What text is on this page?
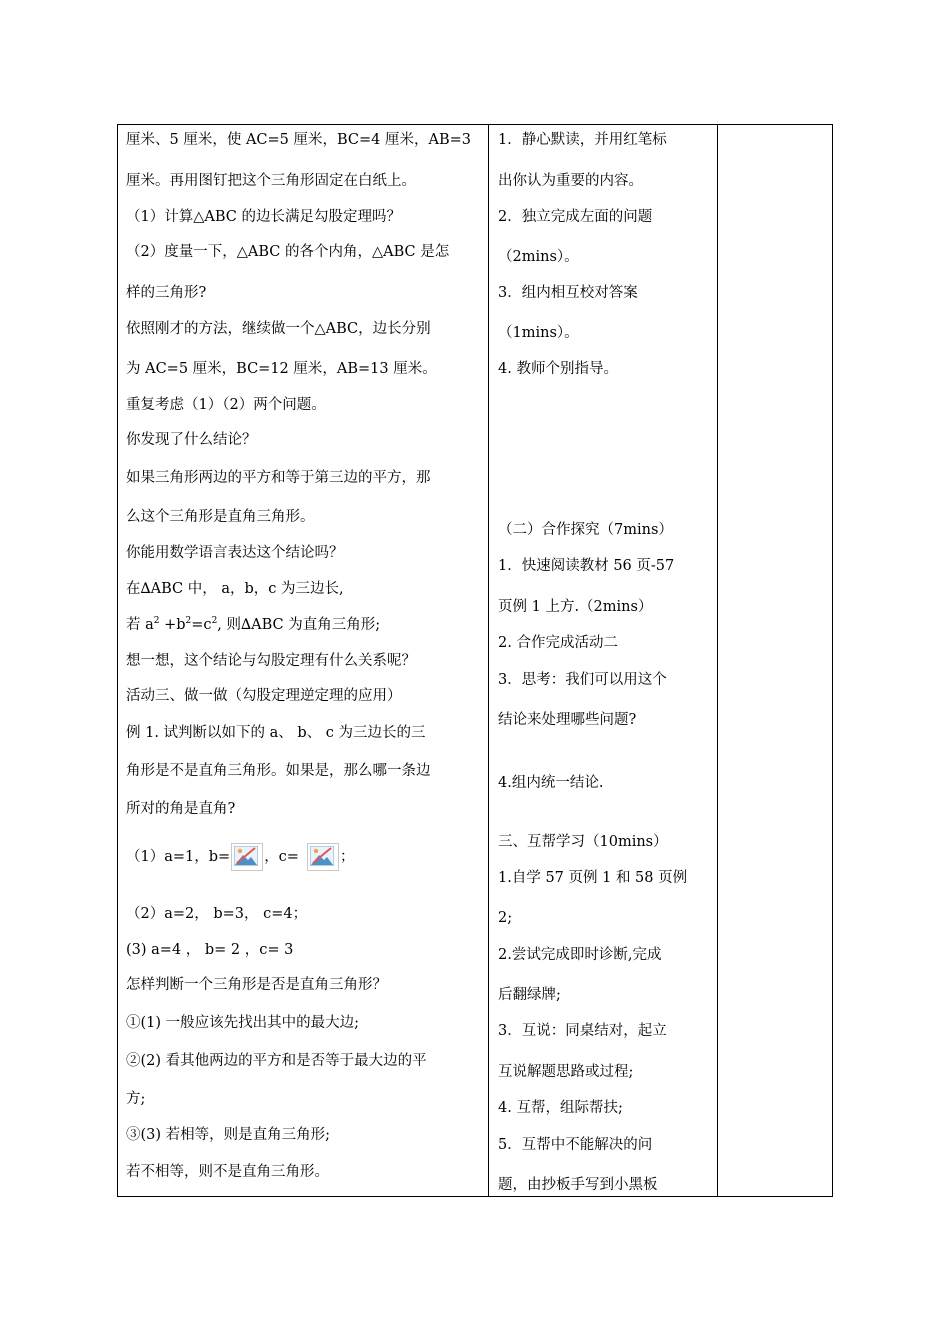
厘米、5 厘米，使 AC=5 厘米，BC=4 厘米，AB=3
厘米。再用图钉把这个三角形固定在白纸上。
（1）计算△ABC 的边长满足勾股定理吗？
（2）度量一下，△ABC 的各个内角，△ABC 是怎
样的三角形?
依照刚才的方法，继续做一个△ABC，边长分别
为 AC=5 厘米，BC=12 厘米，AB=13 厘米。
重复考虑（1）（2）两个问题。
你发现了什么结论？
如果三角形两边的平方和等于第三边的平方，那
么这个三角形是直角三角形。
你能用数学语言表达这个结论吗？
在∆ABC 中， a，b，c 为三边长,
若 $a^2 +b^2=c^2$, 则∆ABC 为直角三角形;
想一想，这个结论与勾股定理有什么关系呢？
活动三、做一做（勾股定理逆定理的应用）
例 1. 试判断以如下的 a、 b、 c 为三边长的三
角形是不是直角三角形。如果是，那么哪一条边
所对的角是直角?
（1）a=1，b= ，c=	；
（2）a=2， b=3， c=4；
(3) a=4 ， b= 2 ，c= 3
怎样判断一个三角形是否是直角三角形？
①(1) 一般应该先找出其中的最大边;
②(2) 看其他两边的平方和是否等于最大边的平
方;
③(3) 若相等，则是直角三角形;
若不相等，则不是直角三角形。
1．静心默读，并用红笔标
出你认为重要的内容。
2．独立完成左面的问题
（2mins）。
3．组内相互校对答案
（1mins）。
4. 教师个别指导。
（二）合作探究（7mins）
1．快速阅读教材 56 页-57
页例 1 上方.（2mins）
2. 合作完成活动二
3．思考：我们可以用这个
结论来处理哪些问题?
4.组内统一结论.
三、互帮学习（10mins）
1.自学 57 页例 1 和 58 页例
2;
2.尝试完成即时诊断,完成
后翻绿牌;
3．互说：同桌结对，起立
互说解题思路或过程;
4. 互帮，组际帮扶;
5．互帮中不能解决的问
题，由抄板手写到小黑板
